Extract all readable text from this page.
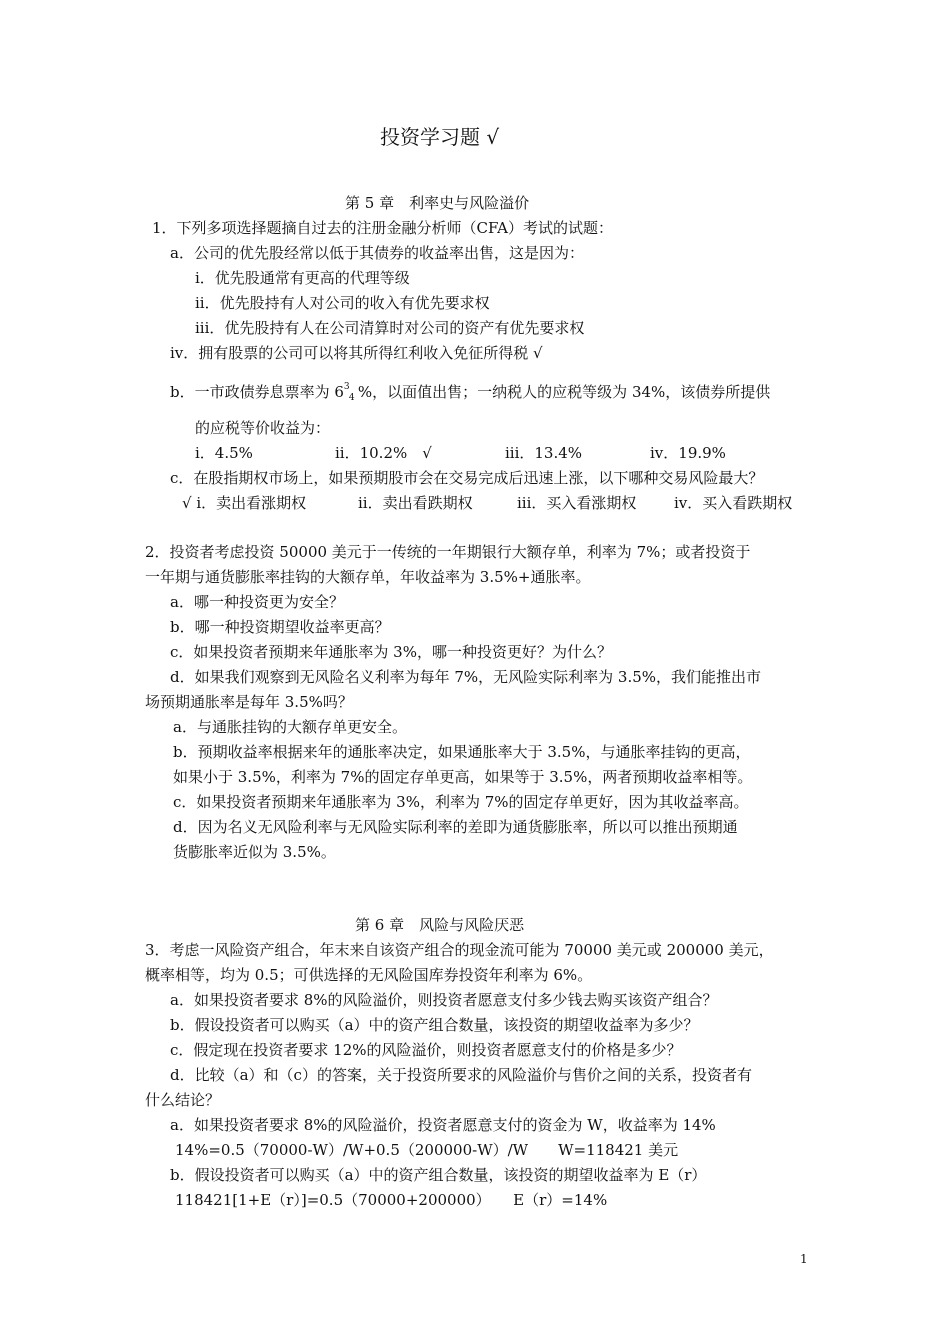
投资学习题 √
第 5 章　利率史与风险溢价
1．下列多项选择题摘自过去的注册金融分析师（CFA）考试的试题：
a．公司的优先股经常以低于其债券的收益率出售，这是因为：
i．优先股通常有更高的代理等级
ii．优先股持有人对公司的收入有优先要求权
iii．优先股持有人在公司清算时对公司的资产有优先要求权
iv．拥有股票的公司可以将其所得红利收入免征所得税 √
b．一市政债券息票率为 6 3
4 %，以面值出售；一纳税人的应税等级为 34%，该债券所提供
的应税等价收益为：
i．4.5%	ii．10.2%　√	iii．13.4%	iv．19.9%
c．在股指期权市场上，如果预期股市会在交易完成后迅速上涨，以下哪种交易风险最大？
√ i．卖出看涨期权	ii．卖出看跌期权	iii．买入看涨期权	iv．买入看跌期权
2．投资者考虑投资 50000 美元于一传统的一年期银行大额存单，利率为 7%；或者投资于
一年期与通货膨胀率挂钩的大额存单，年收益率为 3.5%+通胀率。
a．哪一种投资更为安全？
b．哪一种投资期望收益率更高？
c．如果投资者预期来年通胀率为 3%，哪一种投资更好？为什么？
d．如果我们观察到无风险名义利率为每年 7%，无风险实际利率为 3.5%，我们能推出市
场预期通胀率是每年 3.5%吗？
a．与通胀挂钩的大额存单更安全。
b．预期收益率根据来年的通胀率决定，如果通胀率大于 3.5%，与通胀率挂钩的更高，
如果小于 3.5%，利率为 7%的固定存单更高，如果等于 3.5%，两者预期收益率相等。
c．如果投资者预期来年通胀率为 3%，利率为 7%的固定存单更好，因为其收益率高。
d．因为名义无风险利率与无风险实际利率的差即为通货膨胀率，所以可以推出预期通
货膨胀率近似为 3.5%。
第 6 章　风险与风险厌恶
3．考虑一风险资产组合，年末来自该资产组合的现金流可能为 70000 美元或 200000 美元，
概率相等，均为 0.5；可供选择的无风险国库券投资年利率为 6%。
a．如果投资者要求 8%的风险溢价，则投资者愿意支付多少钱去购买该资产组合？
b．假设投资者可以购买（a）中的资产组合数量，该投资的期望收益率为多少？
c．假定现在投资者要求 12%的风险溢价，则投资者愿意支付的价格是多少？
d．比较（a）和（c）的答案，关于投资所要求的风险溢价与售价之间的关系，投资者有
什么结论？
a．如果投资者要求 8%的风险溢价，投资者愿意支付的资金为 W，收益率为 14%
14%=0.5（70000-W）/W+0.5（200000-W）/W　　W=118421 美元
b．假设投资者可以购买（a）中的资产组合数量，该投资的期望收益率为 E（r）
118421[1+E（r）]=0.5（70000+200000）　　E（r）=14%
1
